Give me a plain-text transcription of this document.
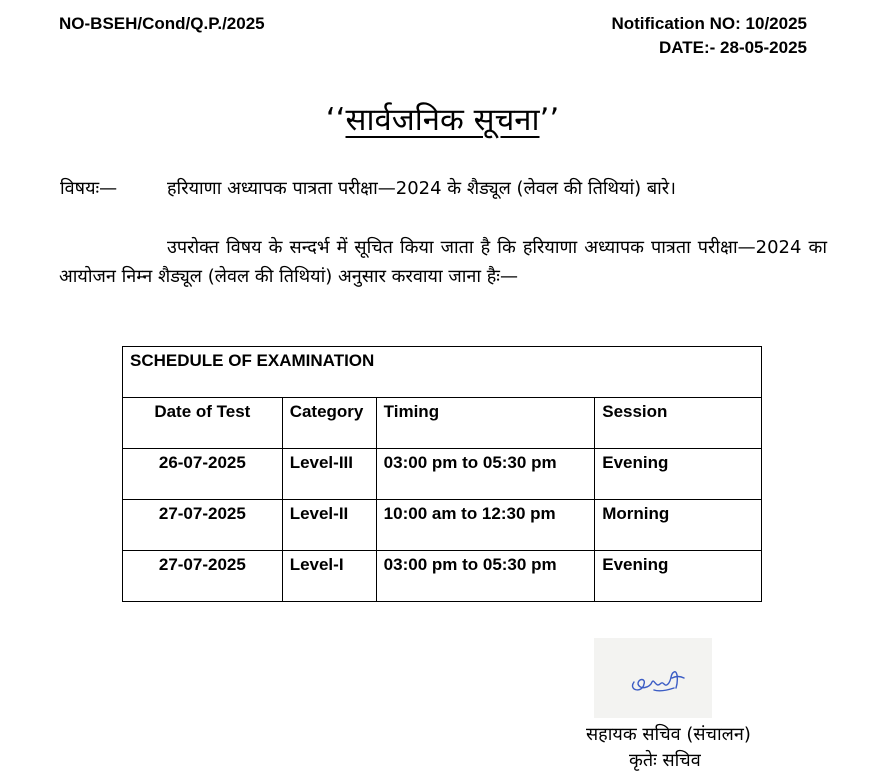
NO-BSEH/Cond/Q.P./2025	Notification NO: 10/2025
DATE:- 28-05-2025
‘‘सार्वजनिक सूचना’’
विषयः—	हरियाणा अध्यापक पात्रता परीक्षा—2024 के शैड्यूल (लेवल की तिथियां) बारे।
उपरोक्त विषय के सन्दर्भ में सूचित किया जाता है कि हरियाणा अध्यापक पात्रता परीक्षा—2024 का आयोजन निम्न शैड्यूल (लेवल की तिथियां) अनुसार करवाया जाना हैः—
SCHEDULE OF EXAMINATION			
Date of Test	Category	Timing	Session
26-07-2025	Level-III	03:00 pm to 05:30 pm	Evening
27-07-2025	Level-II	10:00 am to 12:30 pm	Morning
27-07-2025	Level-I	03:00 pm to 05:30 pm	Evening
सहायक सचिव (संचालन)
कृतेः सचिव
